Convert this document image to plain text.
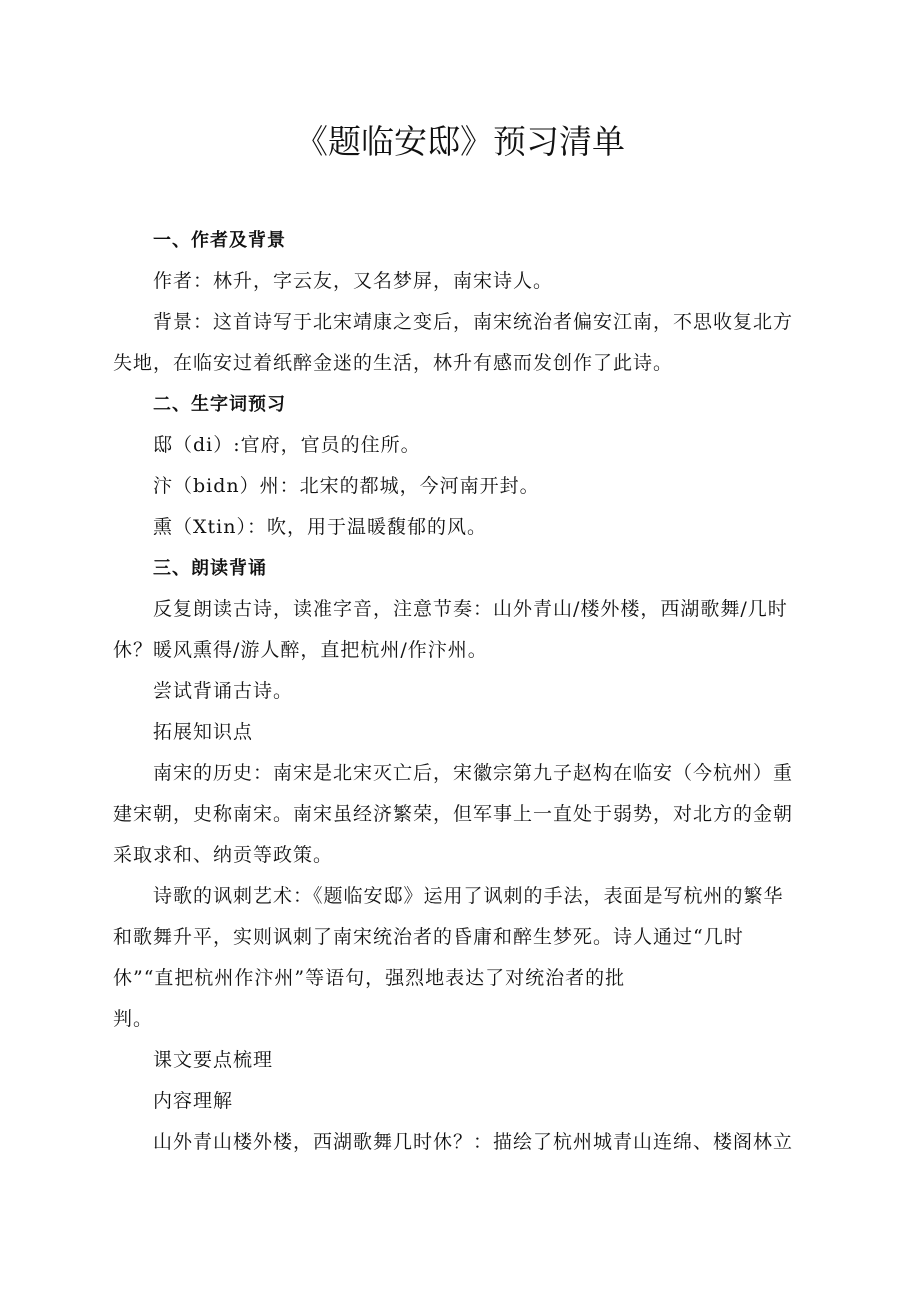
《题临安邸》预习清单

一、作者及背景

作者：林升，字云友，又名梦屏，南宋诗人。

背景：这首诗写于北宋靖康之变后，南宋统治者偏安江南，不思收复北方失地，在临安过着纸醉金迷的生活，林升有感而发创作了此诗。

二、生字词预习

邸（di）:官府，官员的住所。

汴（bidn）州：北宋的都城，今河南开封。

熏（Xtin）：吹，用于温暖馥郁的风。

三、朗读背诵

反复朗读古诗，读准字音，注意节奏：山外青山/楼外楼，西湖歌舞/几时休？暖风熏得/游人醉，直把杭州/作汴州。

尝试背诵古诗。

拓展知识点

南宋的历史：南宋是北宋灭亡后，宋徽宗第九子赵构在临安（今杭州）重建宋朝，史称南宋。南宋虽经济繁荣，但军事上一直处于弱势，对北方的金朝采取求和、纳贡等政策。

诗歌的讽刺艺术：《题临安邸》运用了讽刺的手法，表面是写杭州的繁华和歌舞升平，实则讽刺了南宋统治者的昏庸和醉生梦死。诗人通过“几时

休”“直把杭州作汴州”等语句，强烈地表达了对统治者的批

判。

课文要点梳理

内容理解

山外青山楼外楼，西湖歌舞几时休？：描绘了杭州城青山连绵、楼阁林立
